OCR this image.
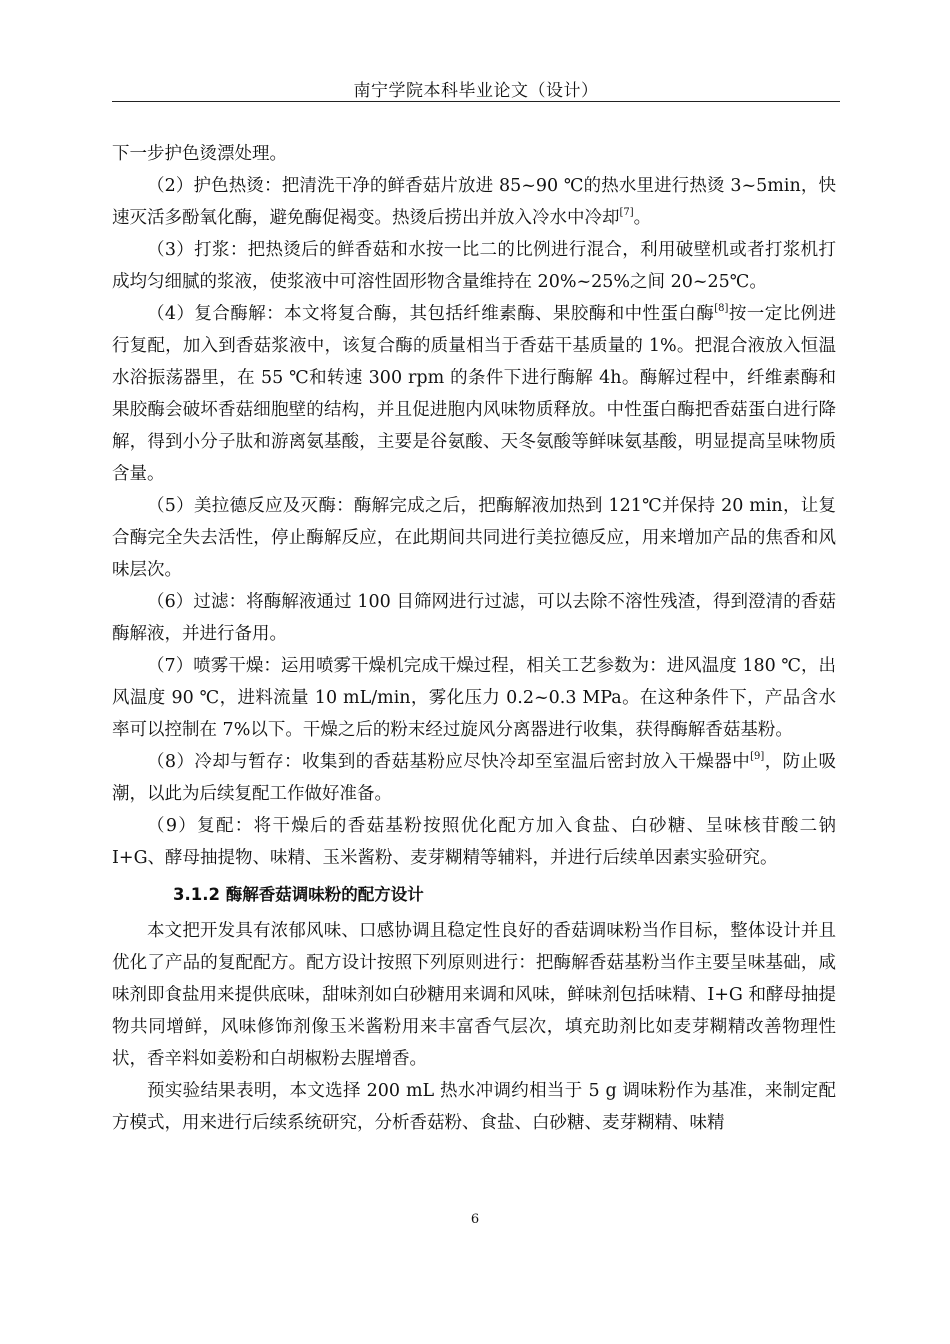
南宁学院本科毕业论文（设计）

下一步护色烫漂处理。

（2）护色热烫：把清洗干净的鲜香菇片放进 85~90 ℃的热水里进行热烫 3~5min，快速灭活多酚氧化酶，避免酶促褐变。热烫后捞出并放入冷水中冷却[7]。

（3）打浆：把热烫后的鲜香菇和水按一比二的比例进行混合，利用破壁机或者打浆机打成均匀细腻的浆液，使浆液中可溶性固形物含量维持在 20%~25%之间 20~25℃。

（4）复合酶解：本文将复合酶，其包括纤维素酶、果胶酶和中性蛋白酶[8]按一定比例进行复配，加入到香菇浆液中，该复合酶的质量相当于香菇干基质量的 1%。把混合液放入恒温水浴振荡器里，在 55 ℃和转速 300 rpm 的条件下进行酶解 4h。酶解过程中，纤维素酶和果胶酶会破坏香菇细胞壁的结构，并且促进胞内风味物质释放。中性蛋白酶把香菇蛋白进行降解，得到小分子肽和游离氨基酸，主要是谷氨酸、天冬氨酸等鲜味氨基酸，明显提高呈味物质含量。

（5）美拉德反应及灭酶：酶解完成之后，把酶解液加热到 121℃并保持 20 min，让复合酶完全失去活性，停止酶解反应，在此期间共同进行美拉德反应，用来增加产品的焦香和风味层次。

（6）过滤：将酶解液通过 100 目筛网进行过滤，可以去除不溶性残渣，得到澄清的香菇酶解液，并进行备用。

（7）喷雾干燥：运用喷雾干燥机完成干燥过程，相关工艺参数为：进风温度 180 ℃，出风温度 90 ℃，进料流量 10 mL/min，雾化压力 0.2~0.3 MPa。在这种条件下，产品含水率可以控制在 7%以下。干燥之后的粉末经过旋风分离器进行收集，获得酶解香菇基粉。

（8）冷却与暂存：收集到的香菇基粉应尽快冷却至室温后密封放入干燥器中[9]，防止吸潮，以此为后续复配工作做好准备。

（9）复配：将干燥后的香菇基粉按照优化配方加入食盐、白砂糖、呈味核苷酸二钠 I+G、酵母抽提物、味精、玉米酱粉、麦芽糊精等辅料，并进行后续单因素实验研究。

3.1.2 酶解香菇调味粉的配方设计

本文把开发具有浓郁风味、口感协调且稳定性良好的香菇调味粉当作目标，整体设计并且优化了产品的复配配方。配方设计按照下列原则进行：把酶解香菇基粉当作主要呈味基础，咸味剂即食盐用来提供底味，甜味剂如白砂糖用来调和风味，鲜味剂包括味精、I+G 和酵母抽提物共同增鲜，风味修饰剂像玉米酱粉用来丰富香气层次，填充助剂比如麦芽糊精改善物理性状，香辛料如姜粉和白胡椒粉去腥增香。

预实验结果表明，本文选择 200 mL 热水冲调约相当于 5 g 调味粉作为基准，来制定配方模式，用来进行后续系统研究，分析香菇粉、食盐、白砂糖、麦芽糊精、味精

6
